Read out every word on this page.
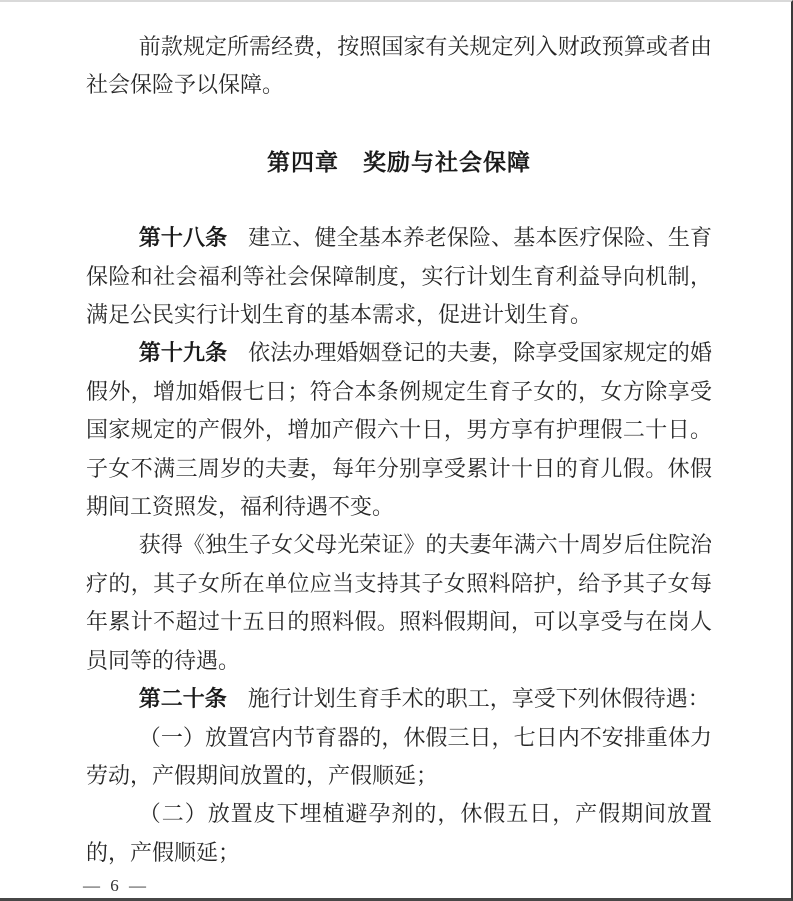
前款规定所需经费，按照国家有关规定列入财政预算或者由社会保险予以保障。

第四章　奖励与社会保障

第十八条 建立、健全基本养老保险、基本医疗保险、生育保险和社会福利等社会保障制度，实行计划生育利益导向机制，满足公民实行计划生育的基本需求，促进计划生育。

第十九条 依法办理婚姻登记的夫妻，除享受国家规定的婚假外，增加婚假七日；符合本条例规定生育子女的，女方除享受国家规定的产假外，增加产假六十日，男方享有护理假二十日。子女不满三周岁的夫妻，每年分别享受累计十日的育儿假。休假期间工资照发，福利待遇不变。

获得《独生子女父母光荣证》的夫妻年满六十周岁后住院治疗的，其子女所在单位应当支持其子女照料陪护，给予其子女每年累计不超过十五日的照料假。照料假期间，可以享受与在岗人员同等的待遇。

第二十条 施行计划生育手术的职工，享受下列休假待遇：

（一）放置宫内节育器的，休假三日，七日内不安排重体力劳动，产假期间放置的，产假顺延；

（二）放置皮下埋植避孕剂的，休假五日，产假期间放置的，产假顺延；

— 6 —
